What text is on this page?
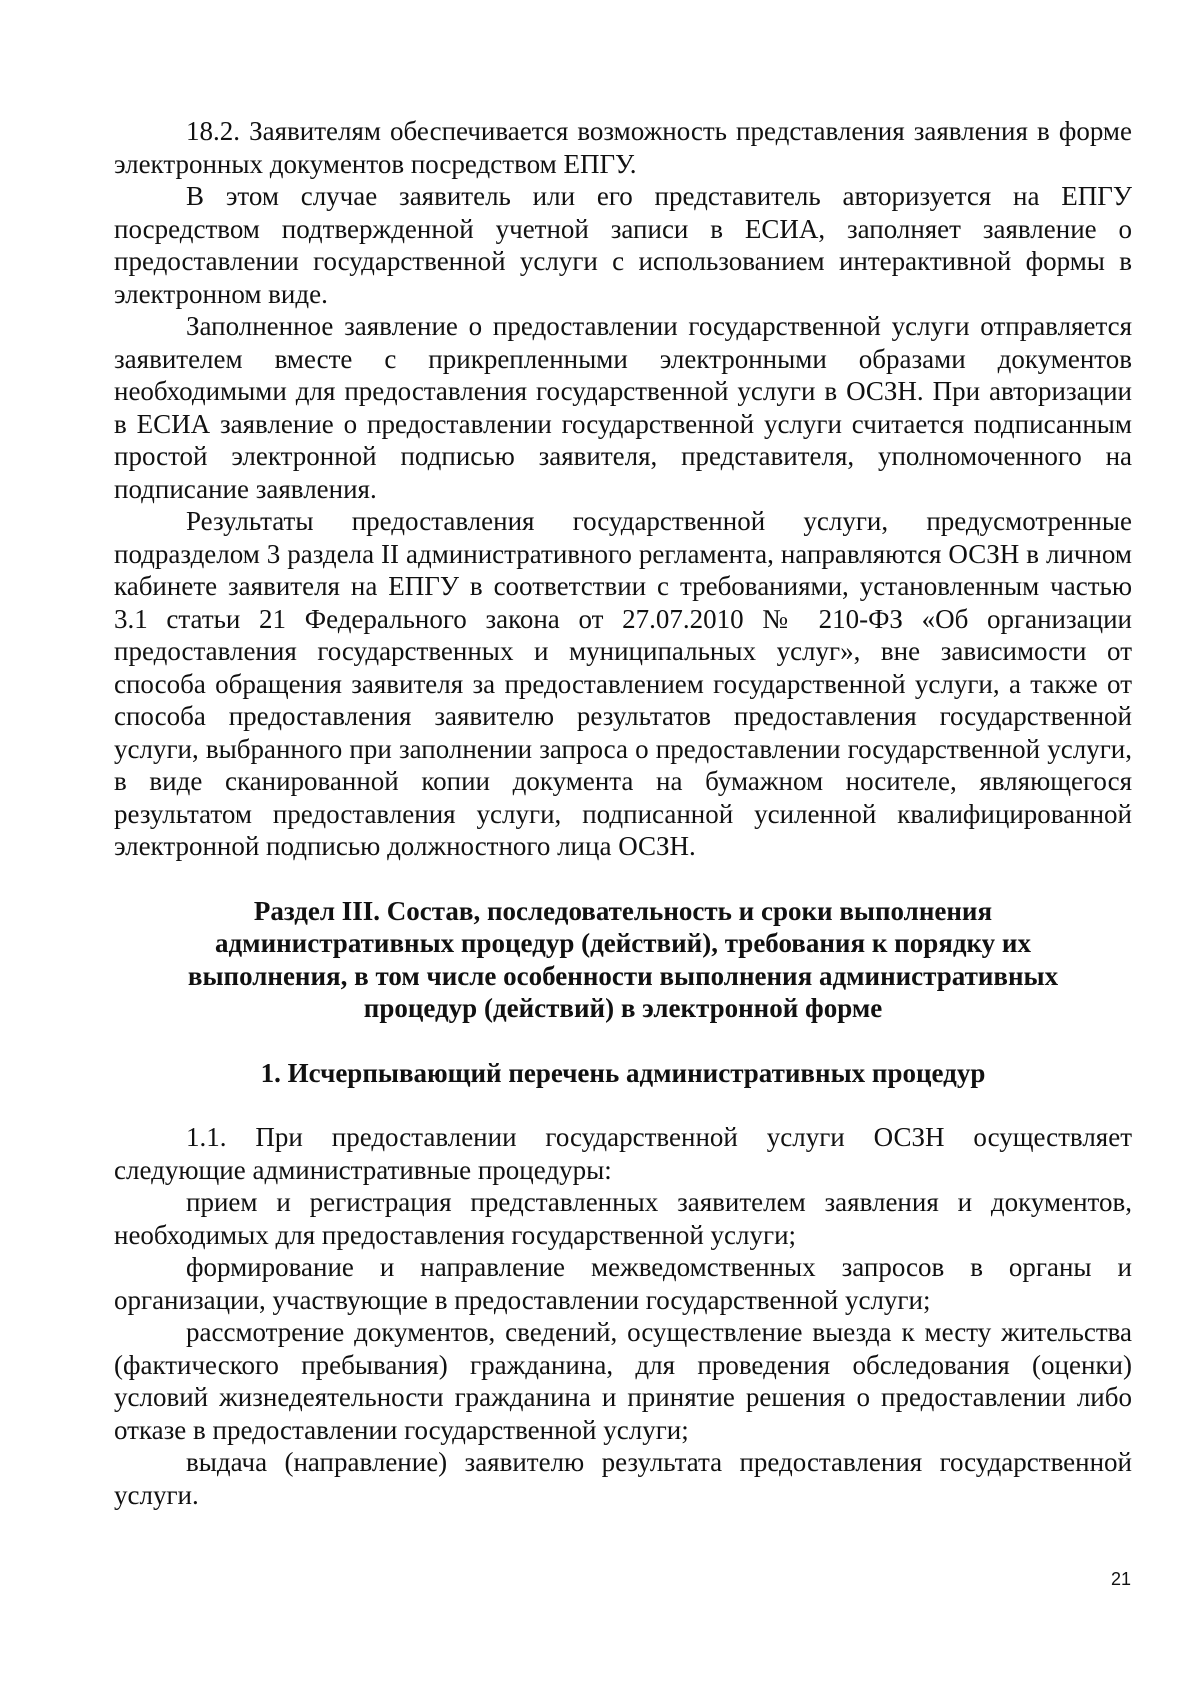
18.2. Заявителям обеспечивается возможность представления заявления в форме электронных документов посредством ЕПГУ.

В этом случае заявитель или его представитель авторизуется на ЕПГУ посредством подтвержденной учетной записи в ЕСИА, заполняет заявление о предоставлении государственной услуги с использованием интерактивной формы в электронном виде.

Заполненное заявление о предоставлении государственной услуги отправляется заявителем вместе с прикрепленными электронными образами документов необходимыми для предоставления государственной услуги в ОСЗН. При авторизации в ЕСИА заявление о предоставлении государственной услуги считается подписанным простой электронной подписью заявителя, представителя, уполномоченного на подписание заявления.

Результаты предоставления государственной услуги, предусмотренные подразделом 3 раздела II административного регламента, направляются ОСЗН в личном кабинете заявителя на ЕПГУ в соответствии с требованиями, установленным частью 3.1 статьи 21 Федерального закона от 27.07.2010 № 210-ФЗ «Об организации предоставления государственных и муниципальных услуг», вне зависимости от способа обращения заявителя за предоставлением государственной услуги, а также от способа предоставления заявителю результатов предоставления государственной услуги, выбранного при заполнении запроса о предоставлении государственной услуги, в виде сканированной копии документа на бумажном носителе, являющегося результатом предоставления услуги, подписанной усиленной квалифицированной электронной подписью должностного лица ОСЗН.

Раздел III. Состав, последовательность и сроки выполнения административных процедур (действий), требования к порядку их выполнения, в том числе особенности выполнения административных процедур (действий) в электронной форме
1. Исчерпывающий перечень административных процедур

1.1. При предоставлении государственной услуги ОСЗН осуществляет следующие административные процедуры:

прием и регистрация представленных заявителем заявления и документов, необходимых для предоставления государственной услуги;

формирование и направление межведомственных запросов в органы и организации, участвующие в предоставлении государственной услуги;

рассмотрение документов, сведений, осуществление выезда к месту жительства (фактического пребывания) гражданина, для проведения обследования (оценки) условий жизнедеятельности гражданина и принятие решения о предоставлении либо отказе в предоставлении государственной услуги;

выдача (направление) заявителю результата предоставления государственной услуги.

21
